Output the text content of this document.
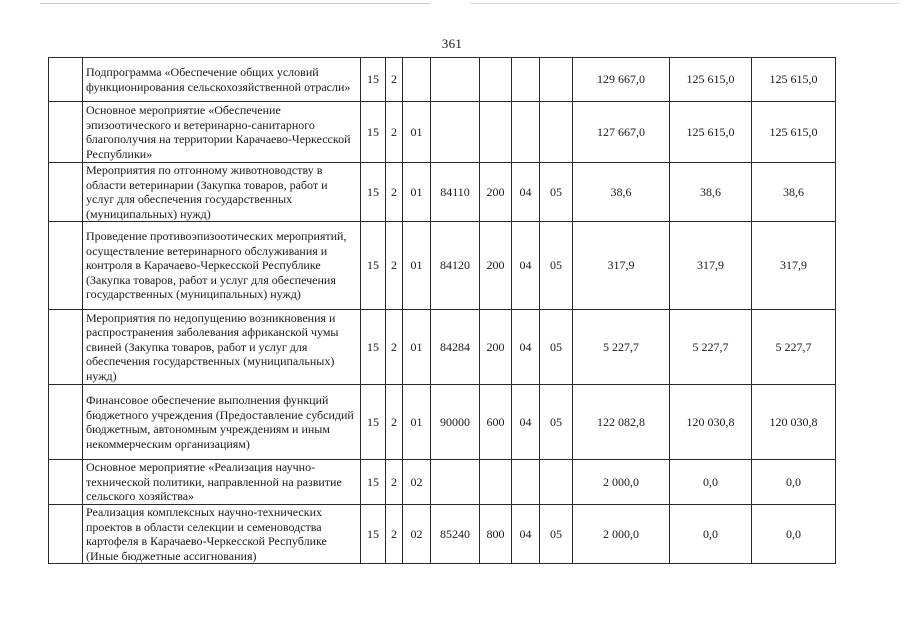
361
	Подпрограмма «Обеспечение общих условий функционирования сельскохозяйственной отрасли»	15	2						129 667,0	125 615,0	125 615,0
	Основное мероприятие «Обеспечение эпизоотического и ветеринарно-санитарного благополучия на территории Карачаево-Черкесской Республики»	15	2	01					127 667,0	125 615,0	125 615,0
	Мероприятия по отгонному животноводству в области ветеринарии (Закупка товаров, работ и услуг для обеспечения государственных (муниципальных) нужд)	15	2	01	84110	200	04	05	38,6	38,6	38,6
	Проведение противоэпизоотических мероприятий, осуществление ветеринарного обслуживания и контроля в Карачаево-Черкесской Республике (Закупка товаров, работ и услуг для обеспечения государственных (муниципальных) нужд)	15	2	01	84120	200	04	05	317,9	317,9	317,9
	Мероприятия по недопущению возникновения и распространения заболевания африканской чумы свиней (Закупка товаров, работ и услуг для обеспечения государственных (муниципальных) нужд)	15	2	01	84284	200	04	05	5 227,7	5 227,7	5 227,7
	Финансовое обеспечение выполнения функций бюджетного учреждения (Предоставление субсидий бюджетным, автономным учреждениям и иным некоммерческим организациям)	15	2	01	90000	600	04	05	122 082,8	120 030,8	120 030,8
	Основное мероприятие «Реализация научно-технической политики, направленной на развитие сельского хозяйства»	15	2	02					2 000,0	0,0	0,0
	Реализация комплексных научно-технических проектов в области селекции и семеноводства картофеля в Карачаево-Черкесской Республике (Иные бюджетные ассигнования)	15	2	02	85240	800	04	05	2 000,0	0,0	0,0
